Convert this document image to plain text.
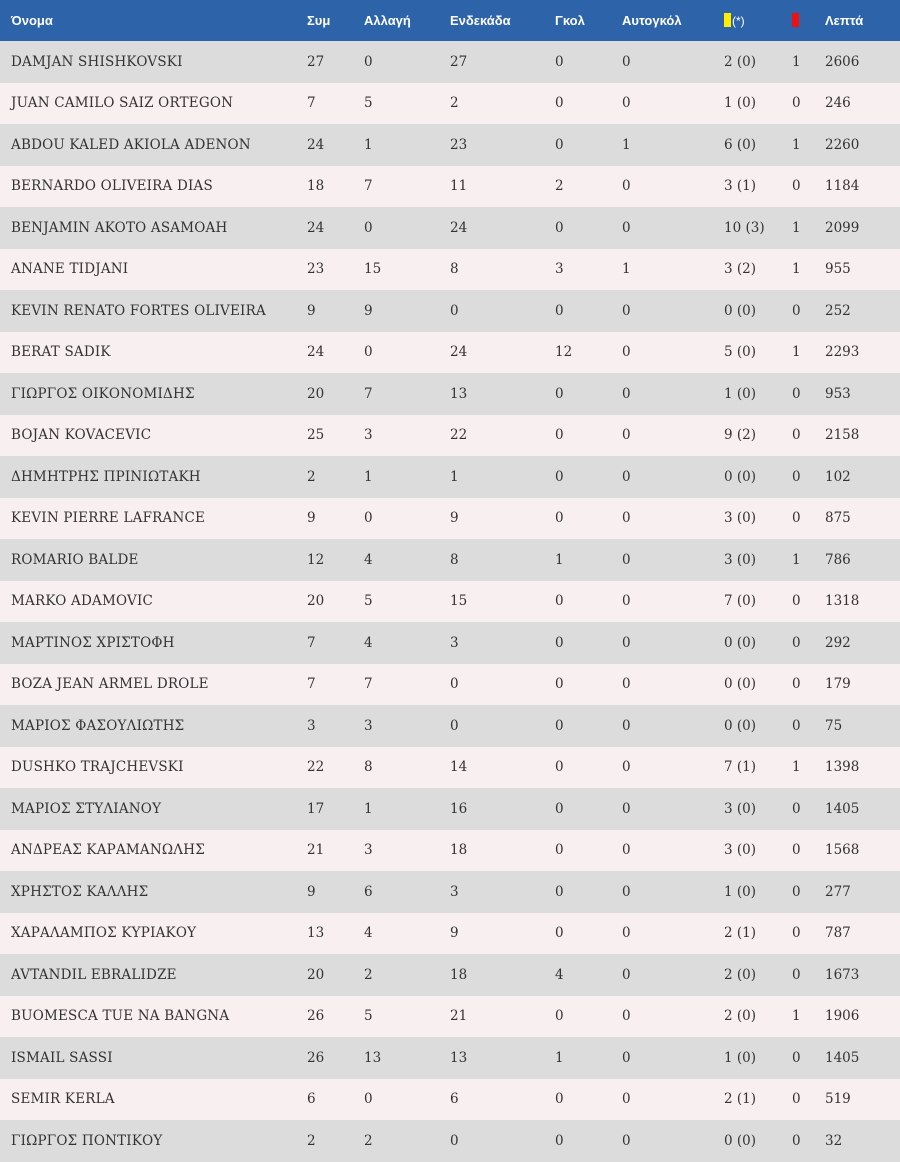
Όνομα	Συμ	Αλλαγή	Ενδεκάδα	Γκολ	Αυτογκόλ	(*)		Λεπτά
DAMJAN SHISHKOVSKI	27	0	27	0	0	2 (0)	1	2606
JUAN CAMILO SAIZ ORTEGON	7	5	2	0	0	1 (0)	0	246
ABDOU KALED AKIOLA ADENON	24	1	23	0	1	6 (0)	1	2260
BERNARDO OLIVEIRA DIAS	18	7	11	2	0	3 (1)	0	1184
BENJAMIN AKOTO ASAMOAH	24	0	24	0	0	10 (3)	1	2099
ANANE TIDJANI	23	15	8	3	1	3 (2)	1	955
KEVIN RENATO FORTES OLIVEIRA	9	9	0	0	0	0 (0)	0	252
BERAT SADIK	24	0	24	12	0	5 (0)	1	2293
ΓΙΩΡΓΟΣ ΟΙΚΟΝΟΜΙΔΗΣ	20	7	13	0	0	1 (0)	0	953
BOJAN KOVACEVIC	25	3	22	0	0	9 (2)	0	2158
ΔΗΜΗΤΡΗΣ ΠΡΙΝΙΩΤΑΚΗ	2	1	1	0	0	0 (0)	0	102
KEVIN PIERRE LAFRANCE	9	0	9	0	0	3 (0)	0	875
ROMARIO BALDE	12	4	8	1	0	3 (0)	1	786
MARKO ADAMOVIC	20	5	15	0	0	7 (0)	0	1318
ΜΑΡΤΙΝΟΣ ΧΡΙΣΤΟΦΗ	7	4	3	0	0	0 (0)	0	292
BOZA JEAN ARMEL DROLE	7	7	0	0	0	0 (0)	0	179
ΜΑΡΙΟΣ ΦΑΣΟΥΛΙΩΤΗΣ	3	3	0	0	0	0 (0)	0	75
DUSHKO TRAJCHEVSKI	22	8	14	0	0	7 (1)	1	1398
ΜΑΡΙΟΣ ΣΤΥΛΙΑΝΟΥ	17	1	16	0	0	3 (0)	0	1405
ΑΝΔΡΕΑΣ ΚΑΡΑΜΑΝΩΛΗΣ	21	3	18	0	0	3 (0)	0	1568
ΧΡΗΣΤΟΣ ΚΑΛΛΗΣ	9	6	3	0	0	1 (0)	0	277
ΧΑΡΑΛΑΜΠΟΣ ΚΥΡΙΑΚΟΥ	13	4	9	0	0	2 (1)	0	787
AVTANDIL EBRALIDZE	20	2	18	4	0	2 (0)	0	1673
BUOMESCA TUE NA BANGNA	26	5	21	0	0	2 (0)	1	1906
ISMAIL SASSI	26	13	13	1	0	1 (0)	0	1405
SEMIR KERLA	6	0	6	0	0	2 (1)	0	519
ΓΙΩΡΓΟΣ ΠΟΝΤΙΚΟΥ	2	2	0	0	0	0 (0)	0	32
